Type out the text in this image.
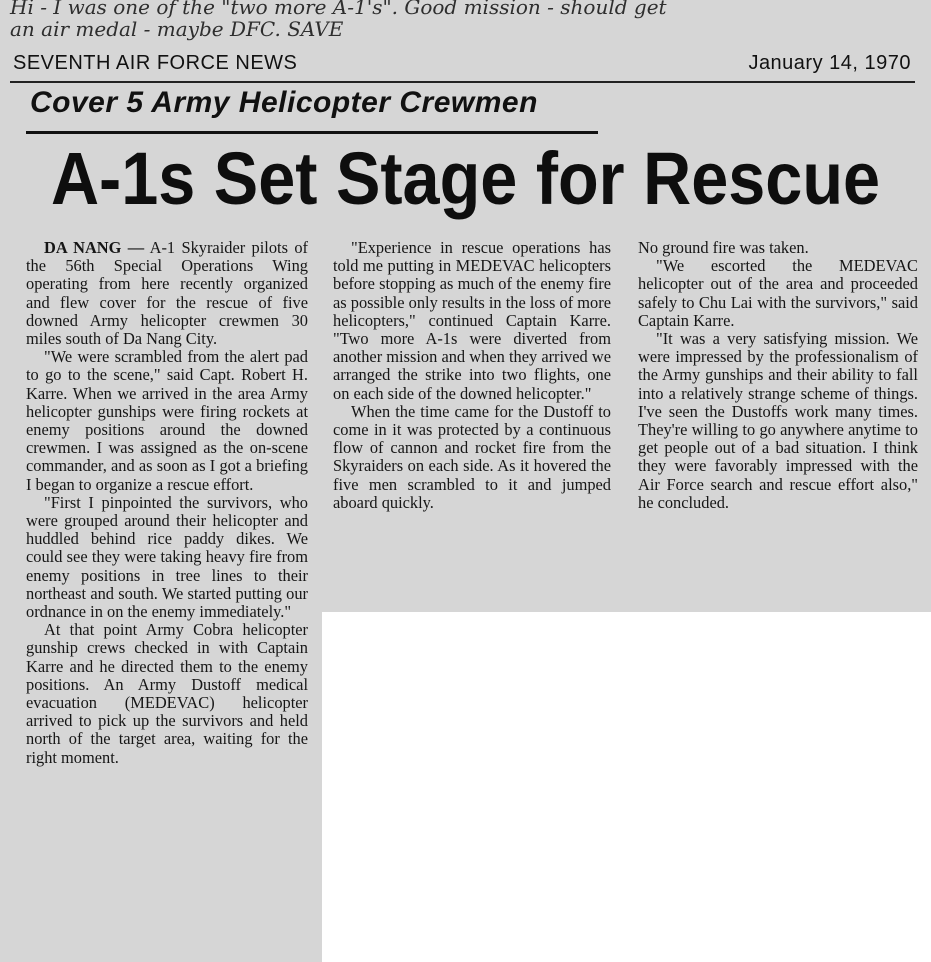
Hi - I was one of the "two more A-1's". Good mission - should get
an air medal - maybe DFC. SAVE
SEVENTH AIR FORCE NEWS	January 14, 1970
Cover 5 Army Helicopter Crewmen
A-1s Set Stage for Rescue

DA NANG — A-1 Skyraider pilots of the 56th Special Operations Wing operating from here recently organized and flew cover for the rescue of five downed Army helicopter crewmen 30 miles south of Da Nang City.

"We were scrambled from the alert pad to go to the scene," said Capt. Robert H. Karre. When we arrived in the area Army helicopter gunships were firing rockets at enemy positions around the downed crewmen. I was assigned as the on-scene commander, and as soon as I got a briefing I began to organize a rescue effort.

"First I pinpointed the survivors, who were grouped around their helicopter and huddled behind rice paddy dikes. We could see they were taking heavy fire from enemy positions in tree lines to their northeast and south. We started putting our ordnance in on the enemy immediately."

At that point Army Cobra helicopter gunship crews checked in with Captain Karre and he directed them to the enemy positions. An Army Dustoff medical evacuation (MEDEVAC) helicopter arrived to pick up the survivors and held north of the target area, waiting for the right moment.

"Experience in rescue operations has told me putting in MEDEVAC helicopters before stopping as much of the enemy fire as possible only results in the loss of more helicopters," continued Captain Karre. "Two more A-1s were diverted from another mission and when they arrived we arranged the strike into two flights, one on each side of the downed helicopter."

When the time came for the Dustoff to come in it was protected by a continuous flow of cannon and rocket fire from the Skyraiders on each side. As it hovered the five men scrambled to it and jumped aboard quickly.

No ground fire was taken.

"We escorted the MEDEVAC helicopter out of the area and proceeded safely to Chu Lai with the survivors," said Captain Karre.

"It was a very satisfying mission. We were impressed by the professionalism of the Army gunships and their ability to fall into a relatively strange scheme of things. I've seen the Dustoffs work many times. They're willing to go anywhere anytime to get people out of a bad situation. I think they were favorably impressed with the Air Force search and rescue effort also," he concluded.
